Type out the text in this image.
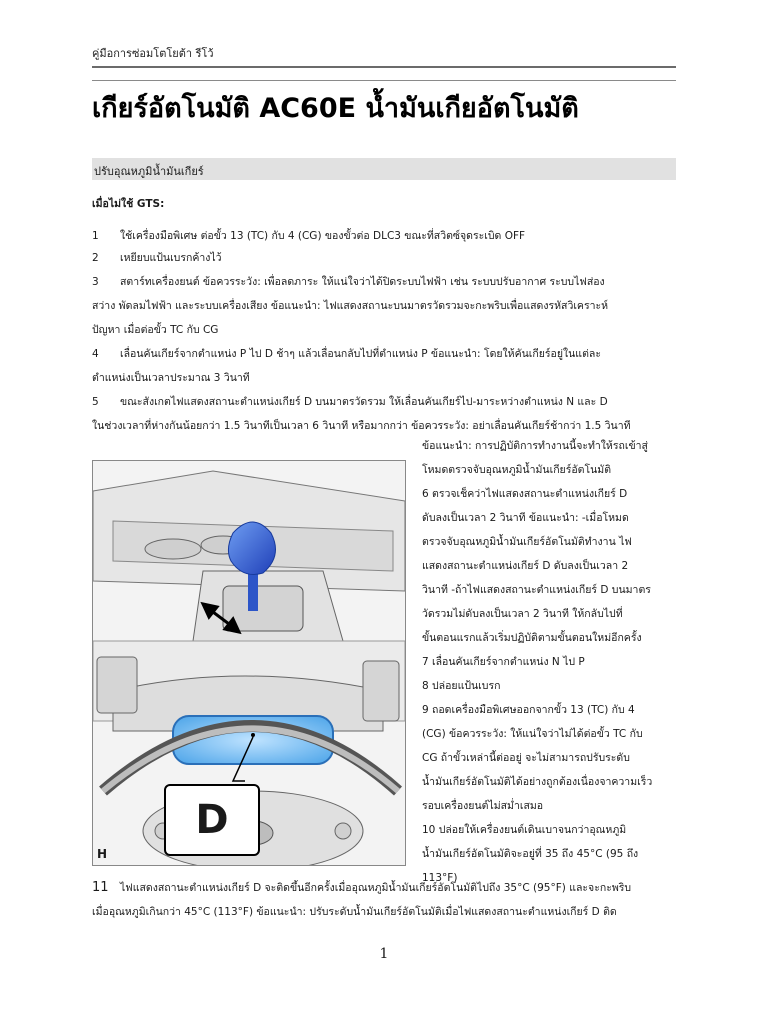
คู่มือการซ่อมโตโยต้า รีโว้
เกียร์อัตโนมัติ AC60E น้ำมันเกียอัตโนมัติ
ปรับอุณหภูมิน้ำมันเกียร์
เมื่อไม่ใช้ GTS:
1 ใช้เครื่องมือพิเศษ ต่อขั้ว 13 (TC) กับ 4 (CG) ของขั้วต่อ DLC3 ขณะที่สวิตซ์จุดระเบิด OFF
2 เหยียบแป้นเบรกค้างไว้
3 สตาร์ทเครื่องยนต์ ข้อควรระวัง: เพื่อลดภาระ ให้แน่ใจว่าได้ปิดระบบไฟฟ้า เช่น ระบบปรับอากาศ ระบบไฟส่อง
สว่าง พัดลมไฟฟ้า และระบบเครื่องเสียง ข้อแนะนำ: ไฟแสดงสถานะบนมาตรวัดรวมจะกะพริบเพื่อแสดงรหัสวิเคราะห์
ปัญหา เมื่อต่อขั้ว TC กับ CG
4 เลื่อนคันเกียร์จากตำแหน่ง P ไป D ช้าๆ แล้วเลื่อนกลับไปที่ตำแหน่ง P ข้อแนะนำ: โดยให้คันเกียร์อยู่ในแต่ละ
ตำแหน่งเป็นเวลาประมาณ 3 วินาที
5 ขณะสังเกตไฟแสดงสถานะตำแหน่งเกียร์ D บนมาตรวัดรวม ให้เลื่อนคันเกียร์ไป-มาระหว่างตำแหน่ง N และ D
ในช่วงเวลาที่ห่างกันน้อยกว่า 1.5 วินาทีเป็นเวลา 6 วินาที หรือมากกว่า ข้อควรระวัง: อย่าเลื่อนคันเกียร์ช้ากว่า 1.5 วินาที
ข้อแนะนำ: การปฏิบัติการทำงานนี้จะทำให้รถเข้าสู่
โหมดตรวจจับอุณหภูมิน้ำมันเกียร์อัตโนมัติ
6 ตรวจเช็คว่าไฟแสดงสถานะตำแหน่งเกียร์ D
ดับลงเป็นเวลา 2 วินาที ข้อแนะนำ: -เมื่อโหมด
ตรวจจับอุณหภูมิน้ำมันเกียร์อัตโนมัติทำงาน ไฟ
แสดงสถานะตำแหน่งเกียร์ D ดับลงเป็นเวลา 2
วินาที -ถ้าไฟแสดงสถานะตำแหน่งเกียร์ D บนมาตร
วัดรวมไม่ดับลงเป็นเวลา 2 วินาที ให้กลับไปที่
ขั้นตอนแรกแล้วเริ่มปฏิบัติตามขั้นตอนใหม่อีกครั้ง
7 เลื่อนคันเกียร์จากตำแหน่ง N ไป P
8 ปล่อยแป้นเบรก
9 ถอดเครื่องมือพิเศษออกจากขั้ว 13 (TC) กับ 4
(CG) ข้อควรระวัง: ให้แน่ใจว่าไม่ได้ต่อขั้ว TC กับ
CG ถ้าขั้วเหล่านี้ต่ออยู่ จะไม่สามารถปรับระดับ
น้ำมันเกียร์อัตโนมัติได้อย่างถูกต้องเนื่องจาความเร็ว
รอบเครื่องยนต์ไม่สม่ำเสมอ
10 ปล่อยให้เครื่องยนต์เดินเบาจนกว่าอุณหภูมิ
น้ำมันเกียร์อัตโนมัติจะอยู่ที่ 35 ถึง 45°C (95 ถึง
113°F)
H
D
11 ไฟแสดงสถานะตำแหน่งเกียร์ D จะติดขึ้นอีกครั้งเมื่ออุณหภูมิน้ำมันเกียร์อัตโนมัติไปถึง 35°C (95°F) และจะกะพริบ
เมื่ออุณหภูมิเกินกว่า 45°C (113°F) ข้อแนะนำ: ปรับระดับน้ำมันเกียร์อัตโนมัติเมื่อไฟแสดงสถานะตำแหน่งเกียร์ D ติด
1
